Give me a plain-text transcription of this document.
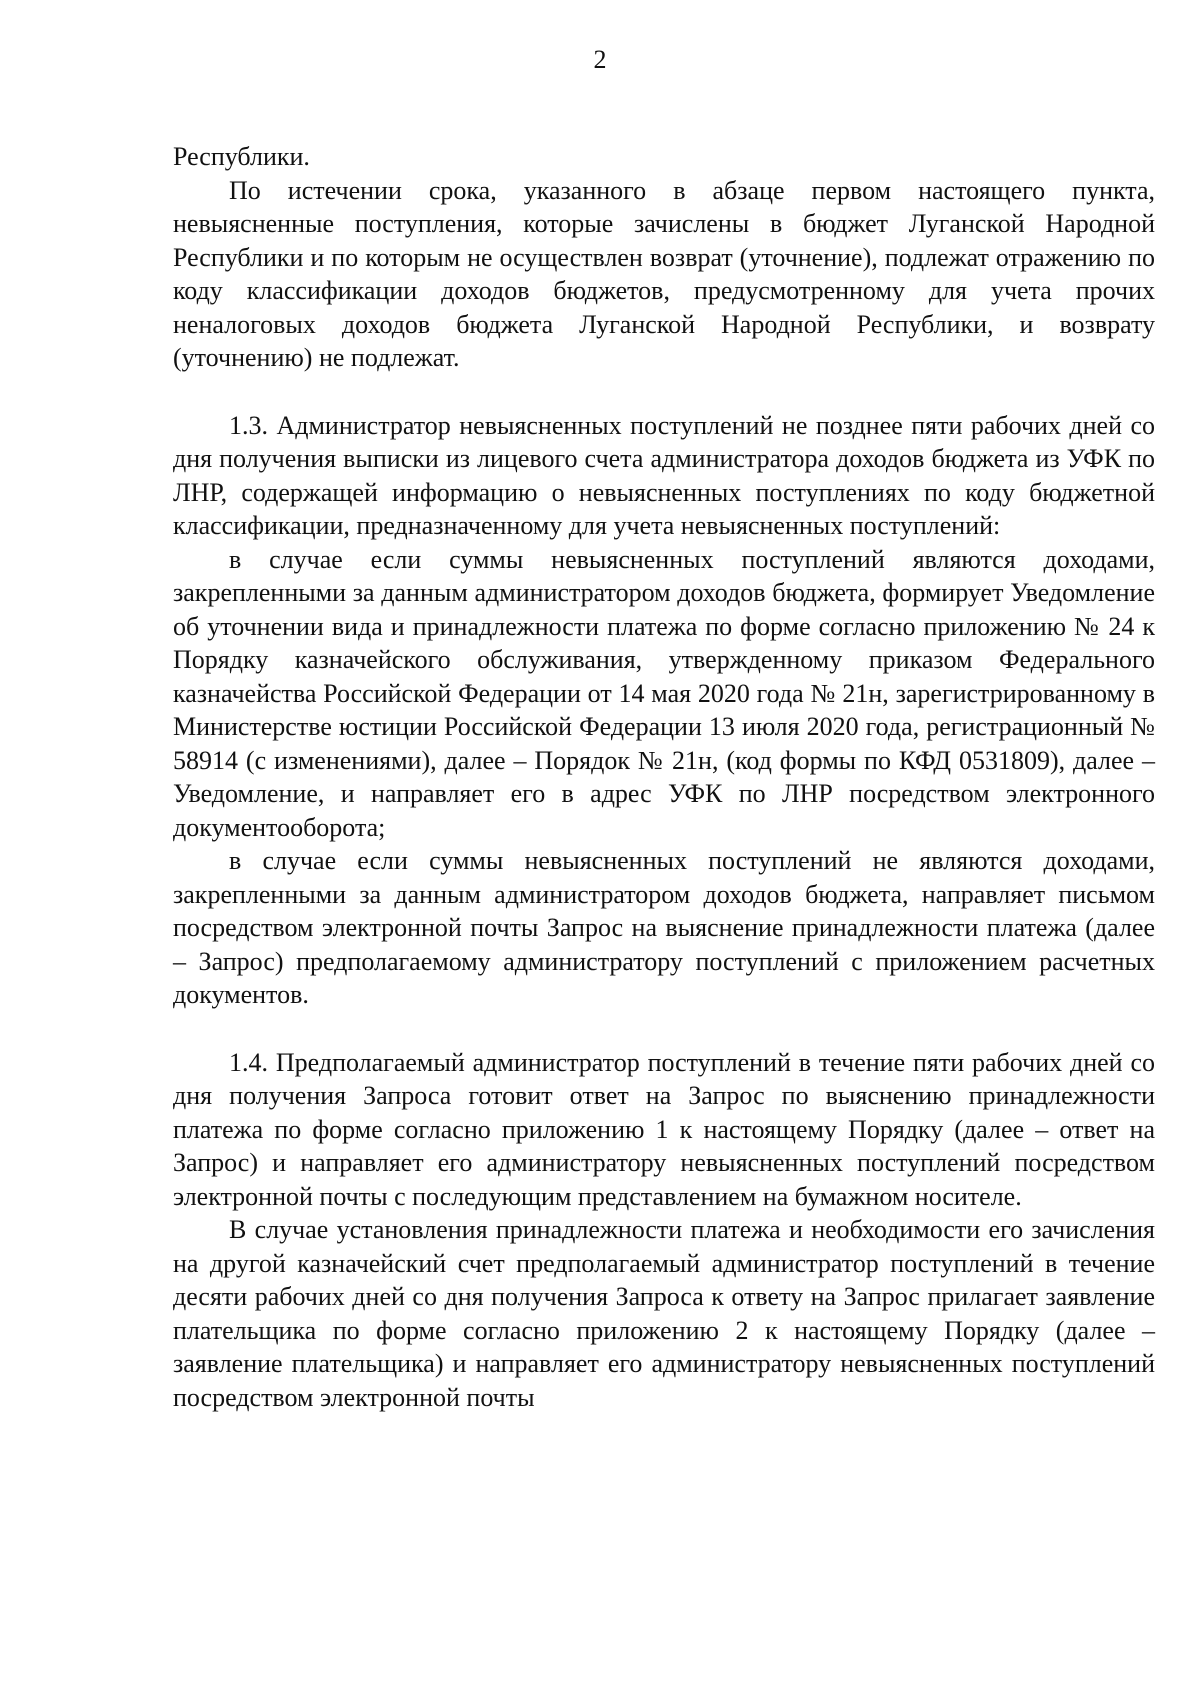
2

Республики.

По истечении срока, указанного в абзаце первом настоящего пункта, невыясненные поступления, которые зачислены в бюджет Луганской Народной Республики и по которым не осуществлен возврат (уточнение), подлежат отражению по коду классификации доходов бюджетов, предусмотренному для учета прочих неналоговых доходов бюджета Луганской Народной Республики, и возврату (уточнению) не подлежат.

1.3. Администратор невыясненных поступлений не позднее пяти рабочих дней со дня получения выписки из лицевого счета администратора доходов бюджета из УФК по ЛНР, содержащей информацию о невыясненных поступлениях по коду бюджетной классификации, предназначенному для учета невыясненных поступлений:

в случае если суммы невыясненных поступлений являются доходами, закрепленными за данным администратором доходов бюджета, формирует Уведомление об уточнении вида и принадлежности платежа по форме согласно приложению № 24 к Порядку казначейского обслуживания, утвержденному приказом Федерального казначейства Российской Федерации от 14 мая 2020 года № 21н, зарегистрированному в Министерстве юстиции Российской Федерации 13 июля 2020 года, регистрационный № 58914 (с изменениями), далее – Порядок № 21н, (код формы по КФД 0531809), далее – Уведомление, и направляет его в адрес УФК по ЛНР посредством электронного документооборота;

в случае если суммы невыясненных поступлений не являются доходами, закрепленными за данным администратором доходов бюджета, направляет письмом посредством электронной почты Запрос на выяснение принадлежности платежа (далее – Запрос) предполагаемому администратору поступлений с приложением расчетных документов.

1.4. Предполагаемый администратор поступлений в течение пяти рабочих дней со дня получения Запроса готовит ответ на Запрос по выяснению принадлежности платежа по форме согласно приложению 1 к настоящему Порядку (далее – ответ на Запрос) и направляет его администратору невыясненных поступлений посредством электронной почты с последующим представлением на бумажном носителе.

В случае установления принадлежности платежа и необходимости его зачисления на другой казначейский счет предполагаемый администратор поступлений в течение десяти рабочих дней со дня получения Запроса к ответу на Запрос прилагает заявление плательщика по форме согласно приложению 2 к настоящему Порядку (далее – заявление плательщика) и направляет его администратору невыясненных поступлений посредством электронной почты
